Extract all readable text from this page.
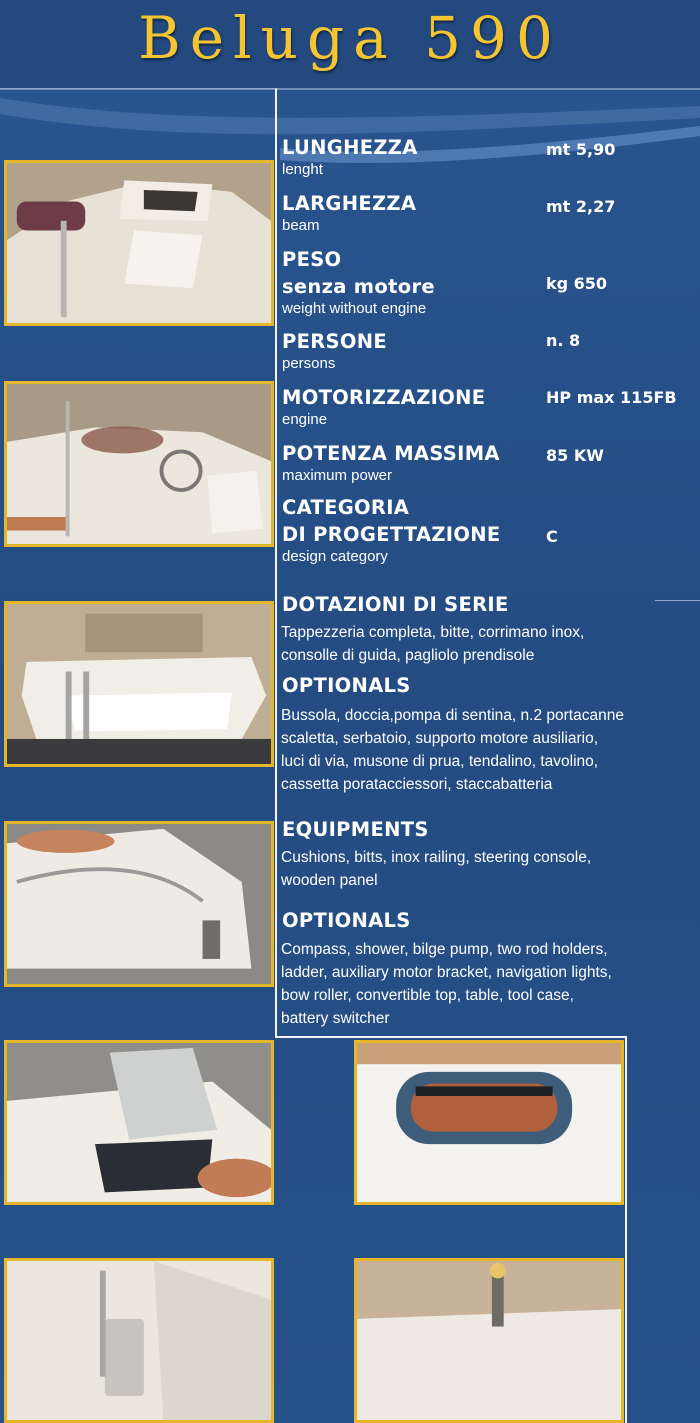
Beluga 590
LUNGHEZZA
lenght
mt 5,90
LARGHEZZA
beam
mt 2,27
PESO
senza motore
weight without engine
kg 650
PERSONE
persons
n. 8
MOTORIZZAZIONE
engine
HP max 115FB
POTENZA MASSIMA
maximum power
85 KW
CATEGORIA
DI PROGETTAZIONE
design category
C
DOTAZIONI DI SERIE
Tappezzeria completa, bitte, corrimano inox,
consolle di guida, pagliolo prendisole
OPTIONALS
Bussola, doccia,pompa di sentina, n.2 portacanne
scaletta, serbatoio, supporto motore ausiliario,
luci di via, musone di prua, tendalino, tavolino,
cassetta poratacciessori, staccabatteria
EQUIPMENTS
Cushions, bitts, inox railing, steering console,
wooden panel
OPTIONALS
Compass, shower, bilge pump, two rod holders,
ladder, auxiliary motor bracket, navigation lights,
bow roller, convertible top, table, tool case,
battery switcher
